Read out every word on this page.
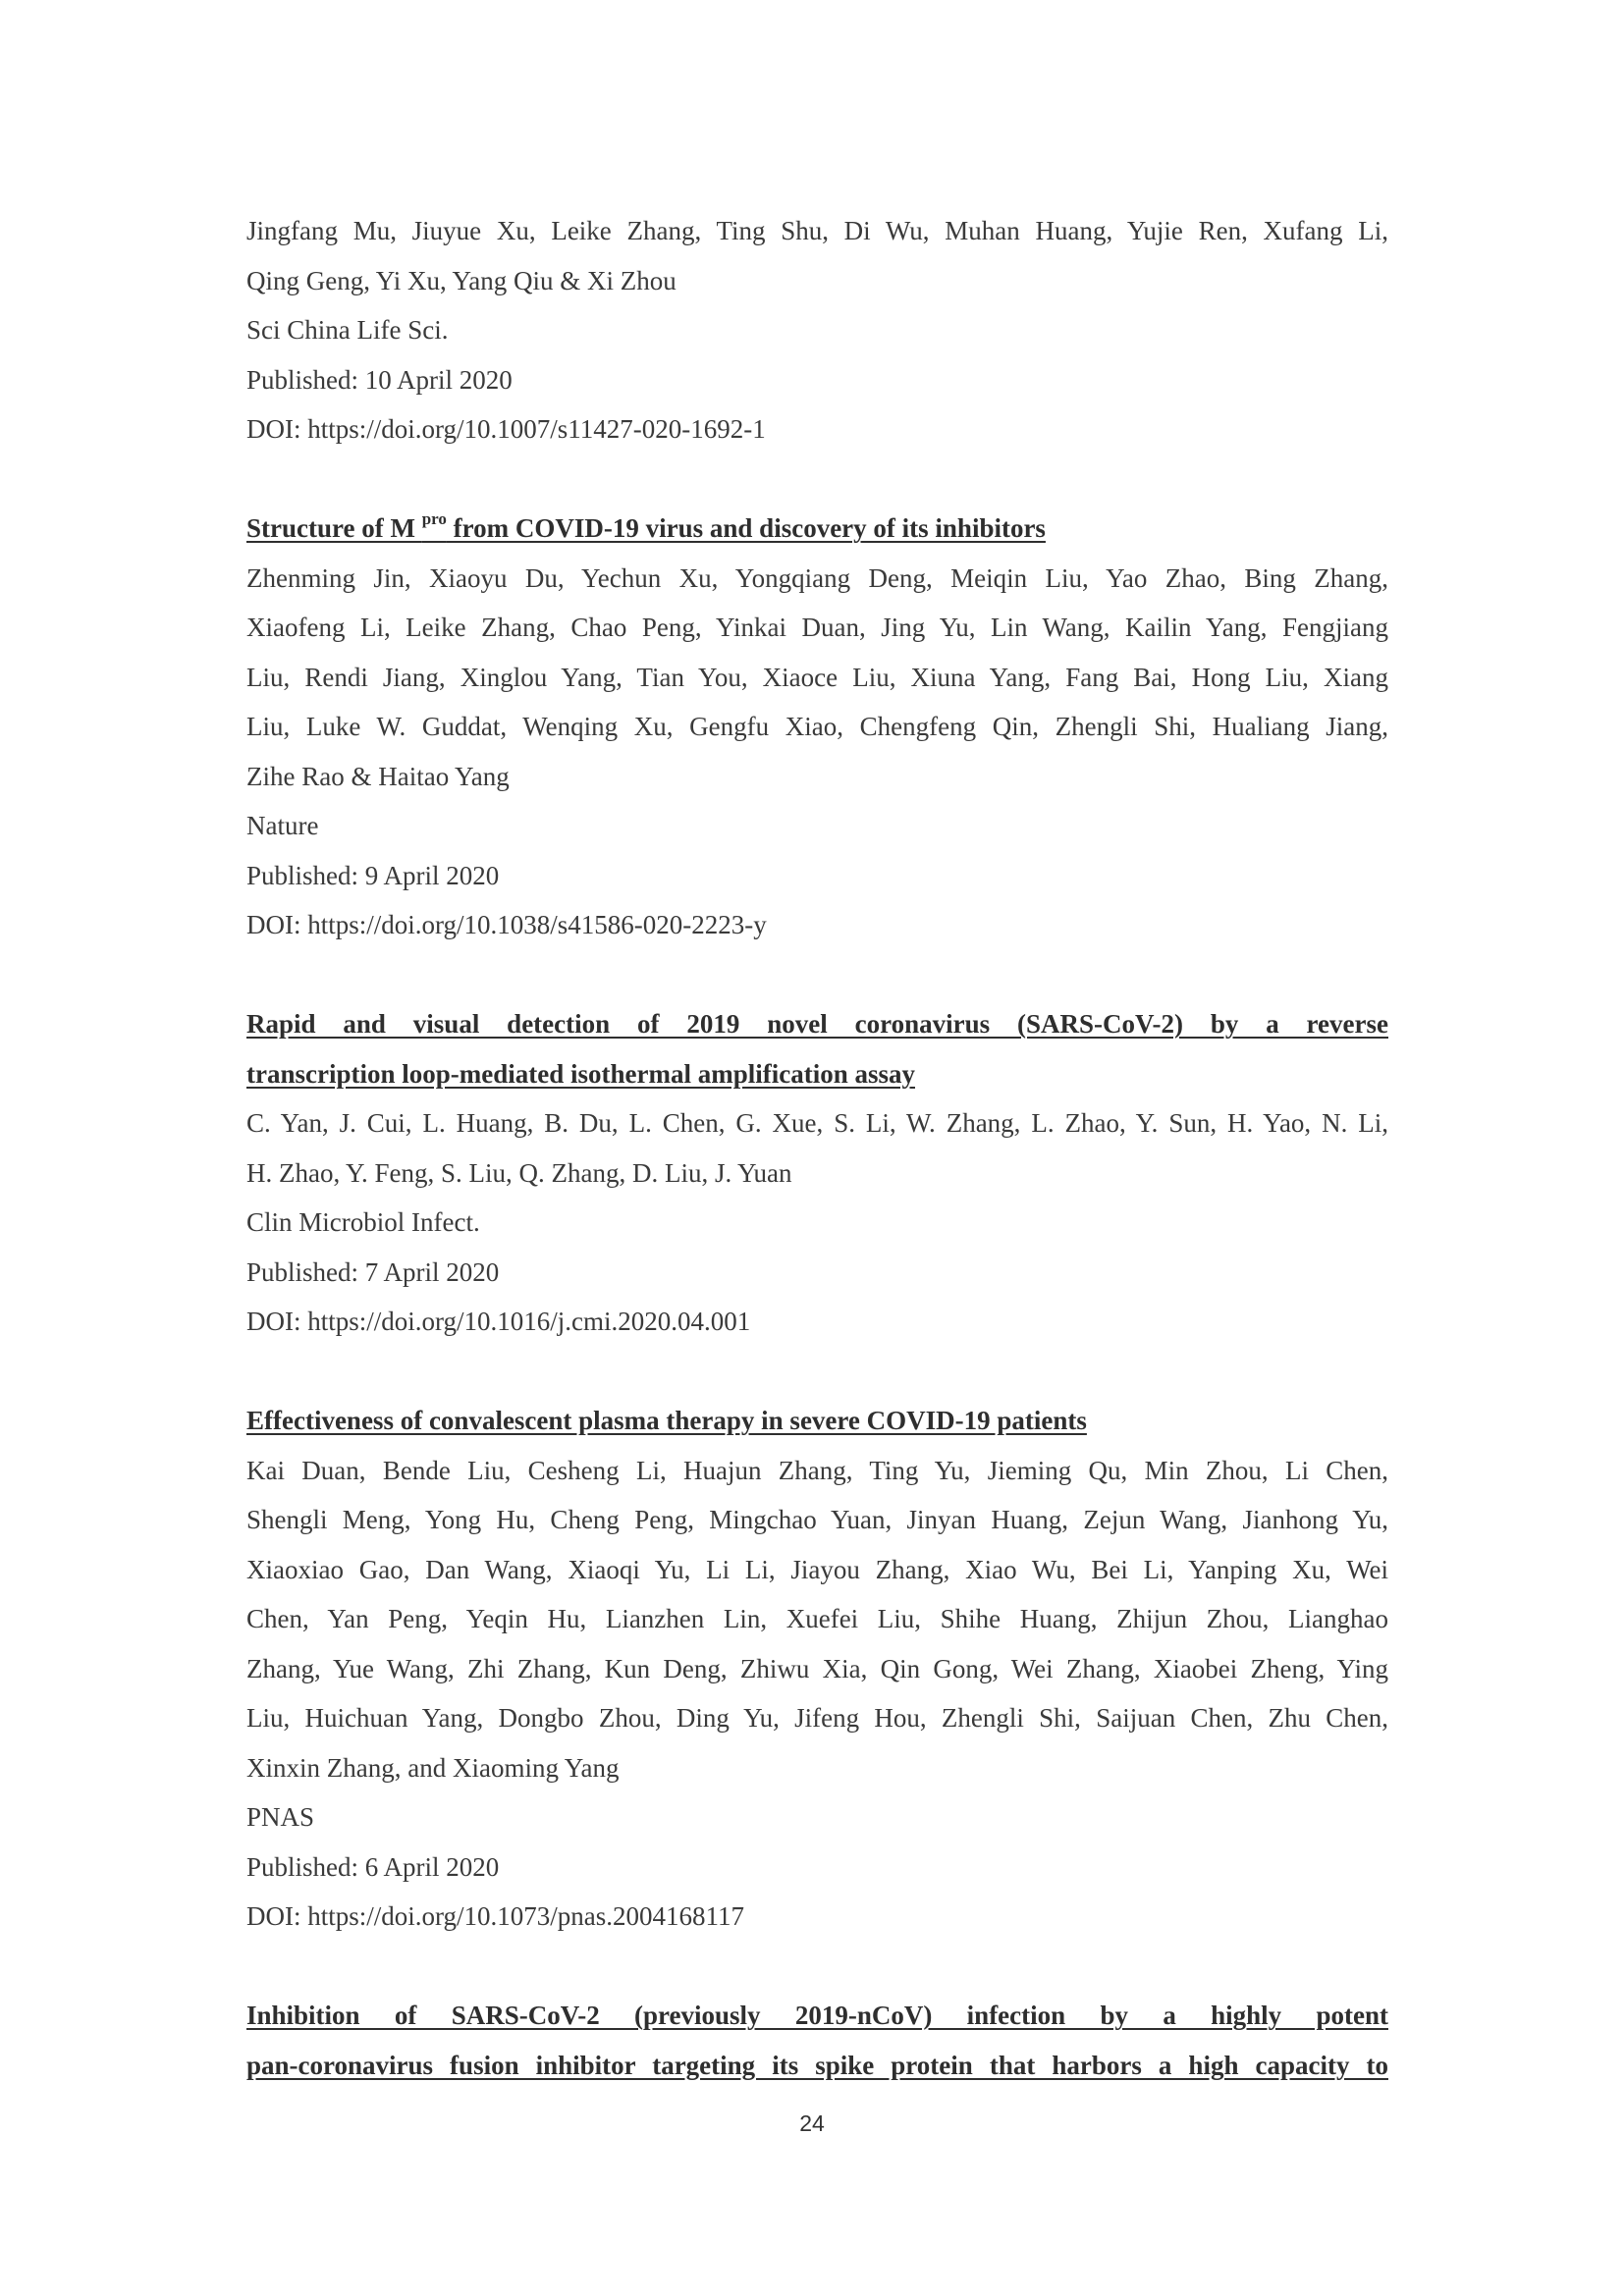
Jingfang Mu, Jiuyue Xu, Leike Zhang, Ting Shu, Di Wu, Muhan Huang, Yujie Ren, Xufang Li,
Qing Geng, Yi Xu, Yang Qiu & Xi Zhou
Sci China Life Sci.
Published: 10 April 2020
DOI: https://doi.org/10.1007/s11427-020-1692-1
Structure of M $^{pro}$ from COVID-19 virus and discovery of its inhibitors
Zhenming Jin, Xiaoyu Du, Yechun Xu, Yongqiang Deng, Meiqin Liu, Yao Zhao, Bing Zhang,
Xiaofeng Li, Leike Zhang, Chao Peng, Yinkai Duan, Jing Yu, Lin Wang, Kailin Yang, Fengjiang
Liu, Rendi Jiang, Xinglou Yang, Tian You, Xiaoce Liu, Xiuna Yang, Fang Bai, Hong Liu, Xiang
Liu, Luke W. Guddat, Wenqing Xu, Gengfu Xiao, Chengfeng Qin, Zhengli Shi, Hualiang Jiang,
Zihe Rao & Haitao Yang
Nature
Published: 9 April 2020
DOI: https://doi.org/10.1038/s41586-020-2223-y
Rapid and visual detection of 2019 novel coronavirus (SARS-CoV-2) by a reverse
transcription loop-mediated isothermal amplification assay
C. Yan, J. Cui, L. Huang, B. Du, L. Chen, G. Xue, S. Li, W. Zhang, L. Zhao, Y. Sun, H. Yao, N. Li,
H. Zhao, Y. Feng, S. Liu, Q. Zhang, D. Liu, J. Yuan
Clin Microbiol Infect.
Published: 7 April 2020
DOI: https://doi.org/10.1016/j.cmi.2020.04.001
Effectiveness of convalescent plasma therapy in severe COVID-19 patients
Kai Duan, Bende Liu, Cesheng Li, Huajun Zhang, Ting Yu, Jieming Qu, Min Zhou, Li Chen,
Shengli Meng, Yong Hu, Cheng Peng, Mingchao Yuan, Jinyan Huang, Zejun Wang, Jianhong Yu,
Xiaoxiao Gao, Dan Wang, Xiaoqi Yu, Li Li, Jiayou Zhang, Xiao Wu, Bei Li, Yanping Xu, Wei
Chen, Yan Peng, Yeqin Hu, Lianzhen Lin, Xuefei Liu, Shihe Huang, Zhijun Zhou, Lianghao
Zhang, Yue Wang, Zhi Zhang, Kun Deng, Zhiwu Xia, Qin Gong, Wei Zhang, Xiaobei Zheng, Ying
Liu, Huichuan Yang, Dongbo Zhou, Ding Yu, Jifeng Hou, Zhengli Shi, Saijuan Chen, Zhu Chen,
Xinxin Zhang, and Xiaoming Yang
PNAS
Published: 6 April 2020
DOI: https://doi.org/10.1073/pnas.2004168117
Inhibition of SARS-CoV-2 (previously 2019-nCoV) infection by a highly potent
pan-coronavirus fusion inhibitor targeting its spike protein that harbors a high capacity to
24
